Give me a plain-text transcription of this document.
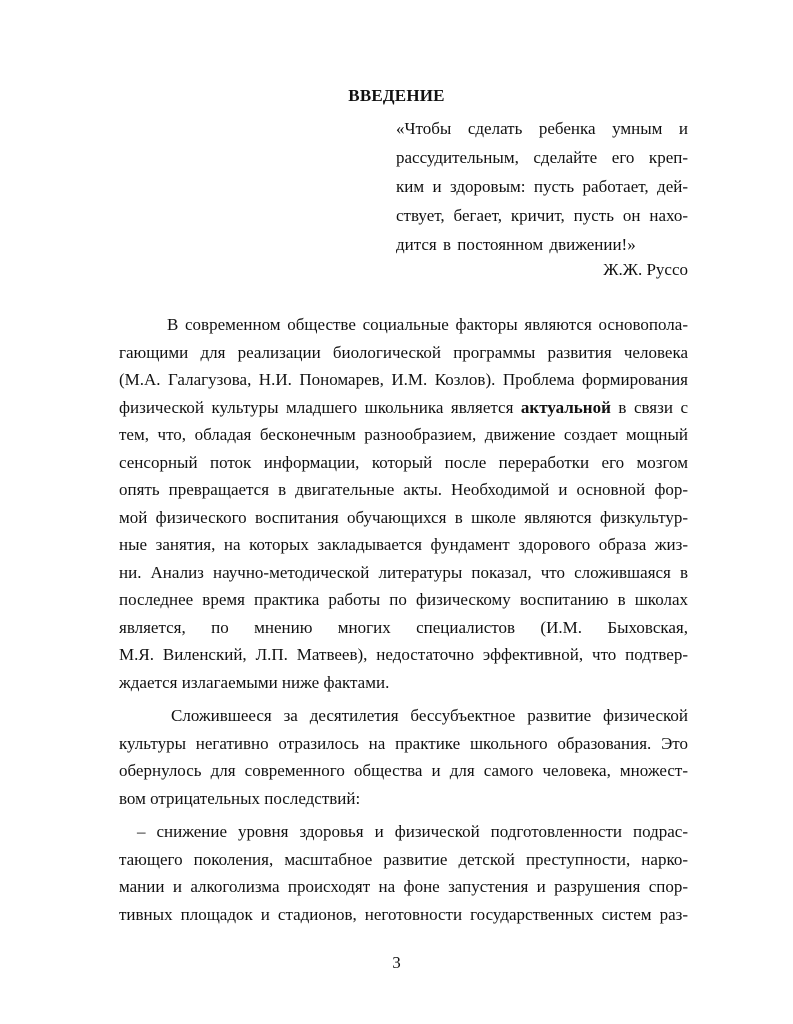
ВВЕДЕНИЕ
«Чтобы сделать ребенка умным и
рассудительным, сделайте его креп-
ким и здоровым: пусть работает, дей-
ствует, бегает, кричит, пусть он нахо-
дится в постоянном движении!»
Ж.Ж. Руссо
В современном обществе социальные факторы являются основопола-
гающими для реализации биологической программы развития человека
(М.А. Галагузова, Н.И. Пономарев, И.М. Козлов). Проблема формирования
физической культуры младшего школьника является актуальной в связи с
тем, что, обладая бесконечным разнообразием, движение создает мощный
сенсорный поток информации, который после переработки его мозгом
опять превращается в двигательные акты. Необходимой и основной фор-
мой физического воспитания обучающихся в школе являются физкультур-
ные занятия, на которых закладывается фундамент здорового образа жиз-
ни. Анализ научно-методической литературы показал, что сложившаяся в
последнее время практика работы по физическому воспитанию в школах
является, по мнению многих специалистов (И.М. Быховская,
М.Я. Виленский, Л.П. Матвеев), недостаточно эффективной, что подтвер-
ждается излагаемыми ниже фактами.
Сложившееся за десятилетия бессубъектное развитие физической
культуры негативно отразилось на практике школьного образования. Это
обернулось для современного общества и для самого человека, множест-
вом отрицательных последствий:
– снижение уровня здоровья и физической подготовленности подрас-
тающего поколения, масштабное развитие детской преступности, нарко-
мании и алкоголизма происходят на фоне запустения и разрушения спор-
тивных площадок и стадионов, неготовности государственных систем раз-
3
